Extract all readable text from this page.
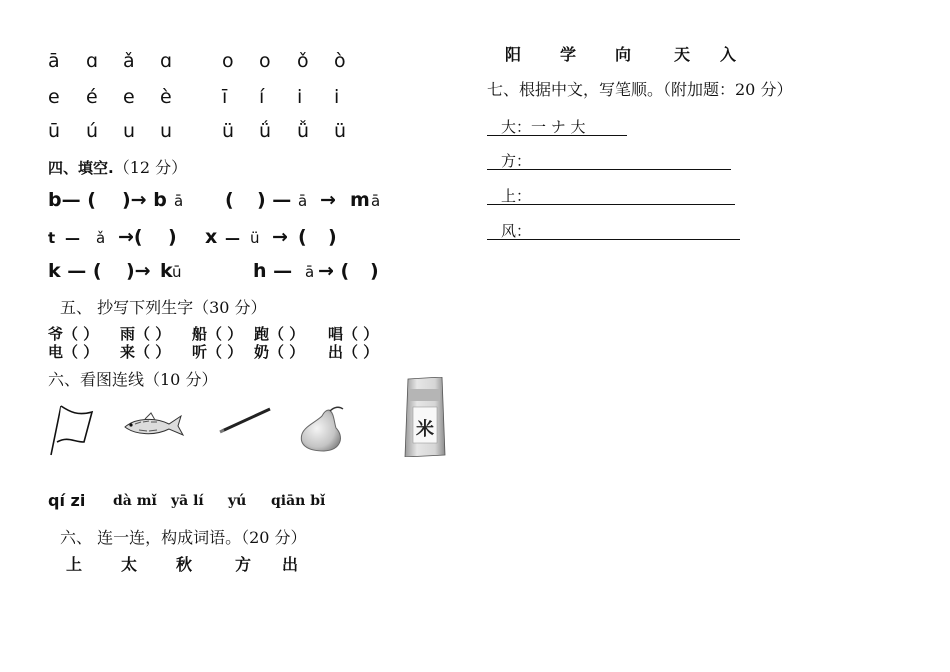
ā ɑ ǎ ɑ	o o ǒ ò
e é e è	ī í i i
ū ú u u	ü ǘ ǚ ü
四、填空.（12 分）
b— ( )→ b ā ( ) — ā → m ā
t — ǎ →( ) x — ü → ( )
k — ( )→ k ū	h — ā → ( )
五、 抄写下列生字（30 分）
爷（ ） 雨（ ） 船（ ） 跑（ ） 唱（ ）
电（ ） 来（ ） 听（ ） 奶（ ） 出（ ）
六、看图连线（10 分）
米
qí zi dà mǐ yā lí yú qiān bǐ
六、 连一连，构成词语。（20 分）
上 太 秋	方 出
阳 学 向	天 入
七、根据中文，写笔顺。（附加题：20 分）
大：一 ナ 大
方：
上：
风：
